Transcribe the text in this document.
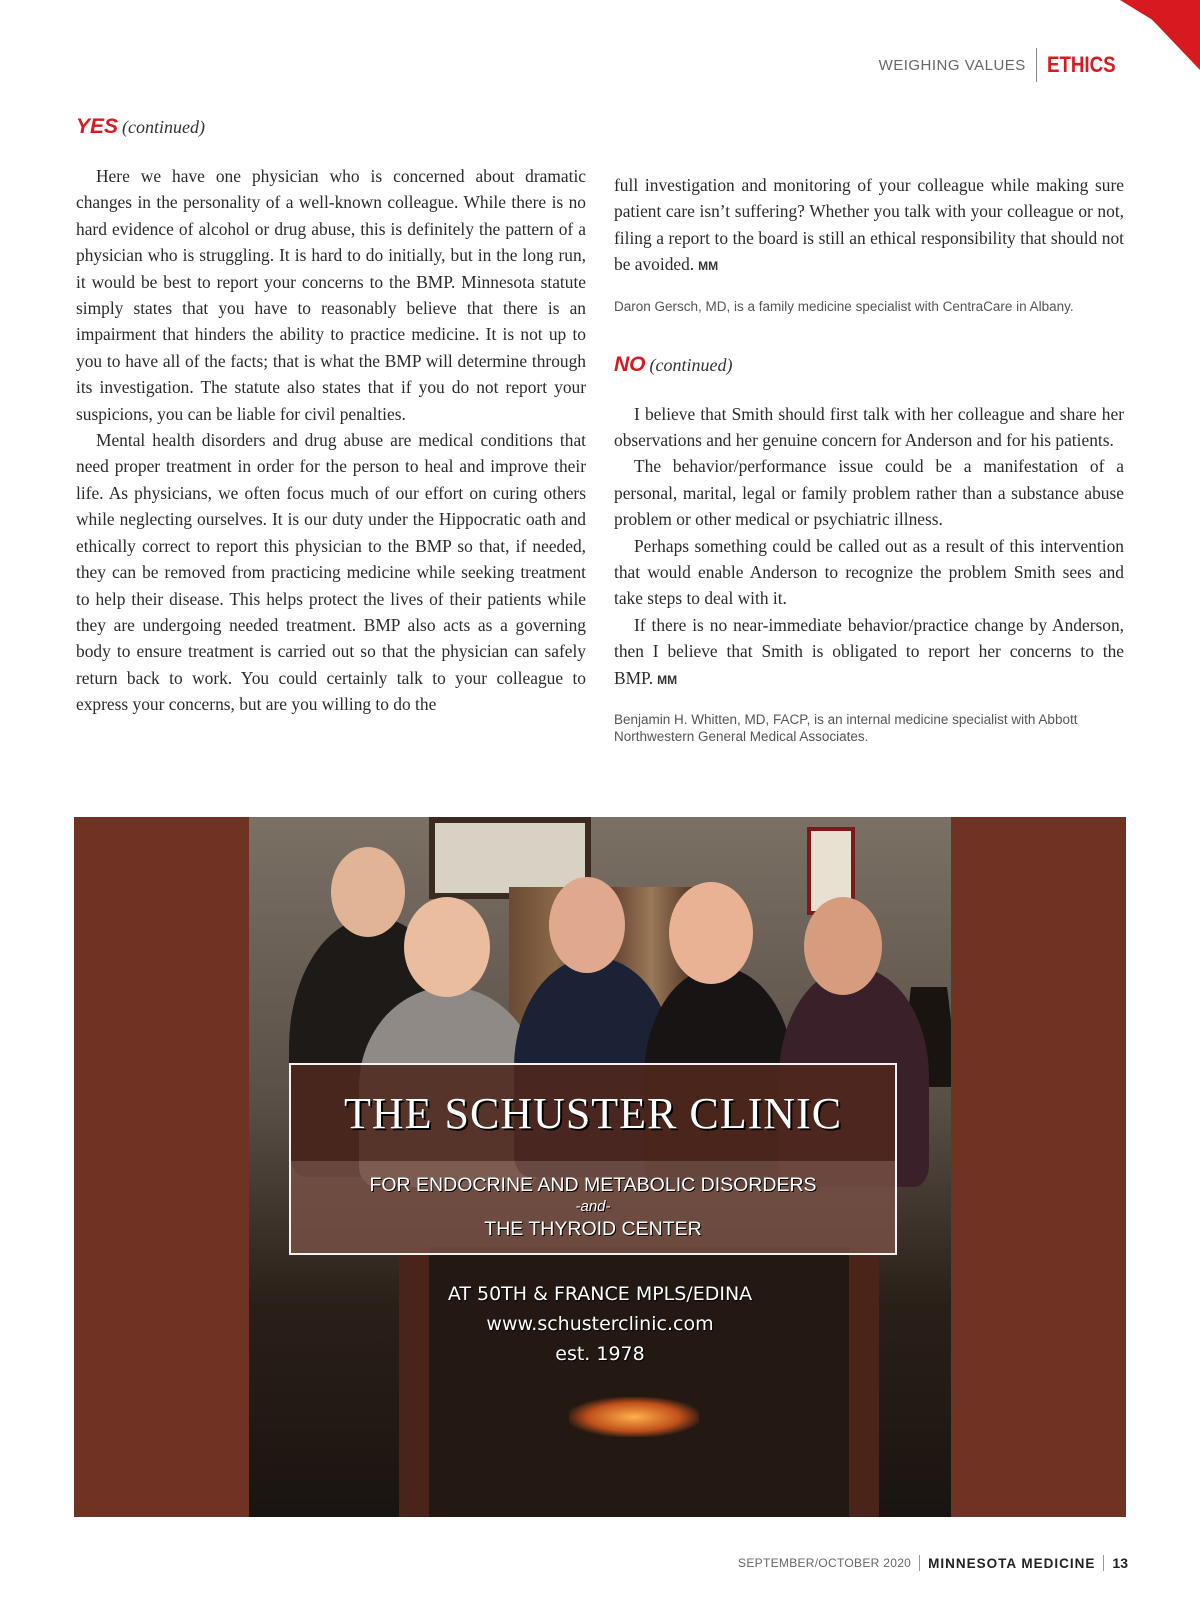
WEIGHING VALUES ETHICS
YES (continued)

Here we have one physician who is concerned about dramatic changes in the personality of a well-known colleague. While there is no hard evidence of alcohol or drug abuse, this is definitely the pattern of a physician who is struggling. It is hard to do initially, but in the long run, it would be best to report your concerns to the BMP. Minnesota statute simply states that you have to reasonably believe that there is an impairment that hinders the ability to practice medicine. It is not up to you to have all of the facts; that is what the BMP will determine through its investigation. The statute also states that if you do not report your suspicions, you can be liable for civil penalties.

Mental health disorders and drug abuse are medical conditions that need proper treatment in order for the person to heal and improve their life. As physicians, we often focus much of our effort on curing others while neglecting ourselves. It is our duty under the Hippocratic oath and ethically correct to report this physician to the BMP so that, if needed, they can be removed from practicing medicine while seeking treatment to help their disease. This helps protect the lives of their patients while they are undergoing needed treatment. BMP also acts as a governing body to ensure treatment is carried out so that the physician can safely return back to work. You could certainly talk to your colleague to express your concerns, but are you willing to do the

full investigation and monitoring of your colleague while making sure patient care isn’t suffering? Whether you talk with your colleague or not, filing a report to the board is still an ethical responsibility that should not be avoided. MM

Daron Gersch, MD, is a family medicine specialist with CentraCare in Albany.

NO (continued)

I believe that Smith should first talk with her colleague and share her observations and her genuine concern for Anderson and for his patients.

The behavior/performance issue could be a manifestation of a personal, marital, legal or family problem rather than a substance abuse problem or other medical or psychiatric illness.

Perhaps something could be called out as a result of this intervention that would enable Anderson to recognize the problem Smith sees and take steps to deal with it.

If there is no near-immediate behavior/practice change by Anderson, then I believe that Smith is obligated to report her concerns to the BMP. MM

Benjamin H. Whitten, MD, FACP, is an internal medicine specialist with Abbott Northwestern General Medical Associates.

THE SCHUSTER CLINIC
FOR ENDOCRINE AND METABOLIC DISORDERS
-and-
THE THYROID CENTER
AT 50TH & FRANCE MPLS/EDINA
www.schusterclinic.com
est. 1978
SEPTEMBER/OCTOBER 2020 MINNESOTA MEDICINE 13
